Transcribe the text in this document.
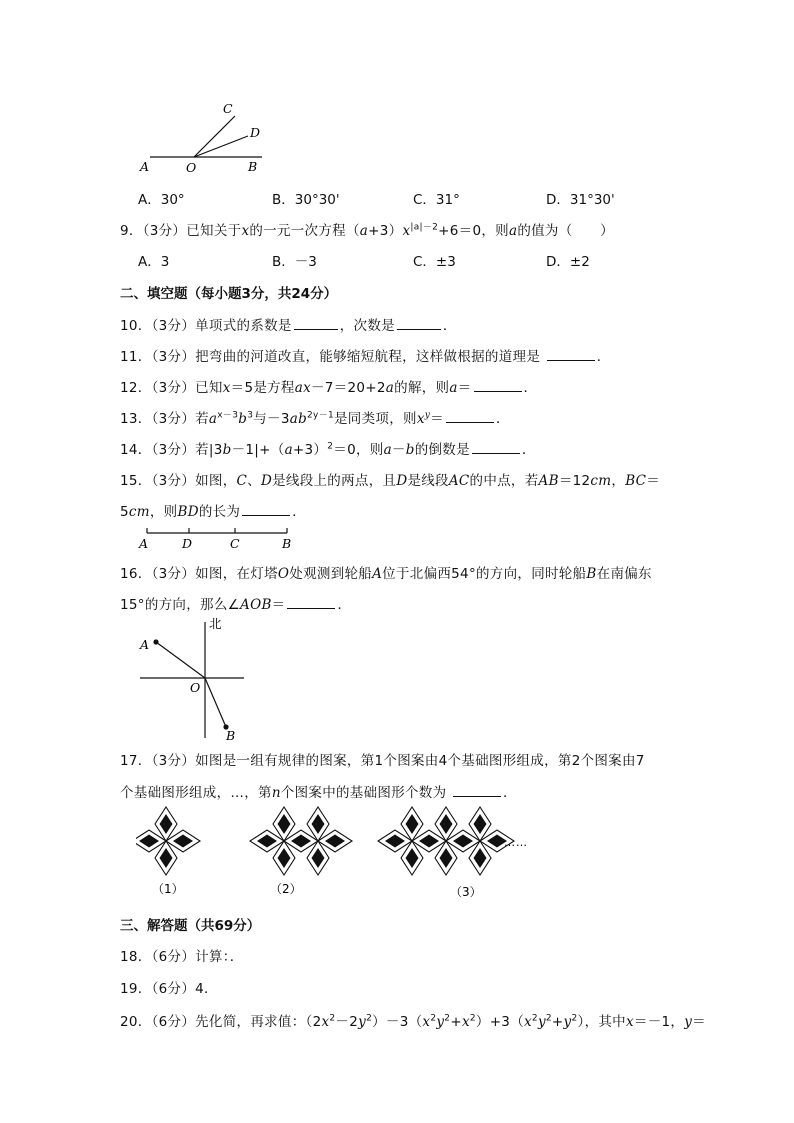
A	O	B
C
D
A．30°	B．30°30'	C．31°	D．31°30'
9．（3分）已知关于x的一元一次方程$(a+3)x^{|a|-2}+6=0$，则a的值为（　　）
A．3	B．－3	C．±3	D．±2
二、填空题（每小题3分，共24分）
10．（3分）单项式的系数是	，次数是	．
11．（3分）把弯曲的河道改直，能够缩短航程，这样做根据的道理是	．
12．（3分）已知x＝5是方程ax－7＝20+2a的解，则a＝	．
13．（3分）若$a^{x-3}b^3$与$-3ab^{2y-1}$是同类项，则$x^y=$	．
14．（3分）若$|3b-1|+(a+3)^2=0$，则a－b的倒数是	．
15．（3分）如图，C、D是线段上的两点，且D是线段AC的中点，若AB＝12cm，BC＝
5cm，则BD的长为	．
A	D	C	B
16．（3分）如图，在灯塔O处观测到轮船A位于北偏西54°的方向，同时轮船B在南偏东
15°的方向，那么∠AOB＝	．
北
A
O
B
17．（3分）如图是一组有规律的图案，第1个图案由4个基础图形组成，第2个图案由7
个基础图形组成，…，第n个图案中的基础图形个数为	．
……
（1）	（2）	（3）
三、解答题（共69分）
18．（6分）计算：．
19．（6分）4．
20．（6分）先化简，再求值：$(2x^2-2y^2)-3(x^2y^2+x^2)+3(x^2y^2+y^2)$，其中x＝－1，y＝
